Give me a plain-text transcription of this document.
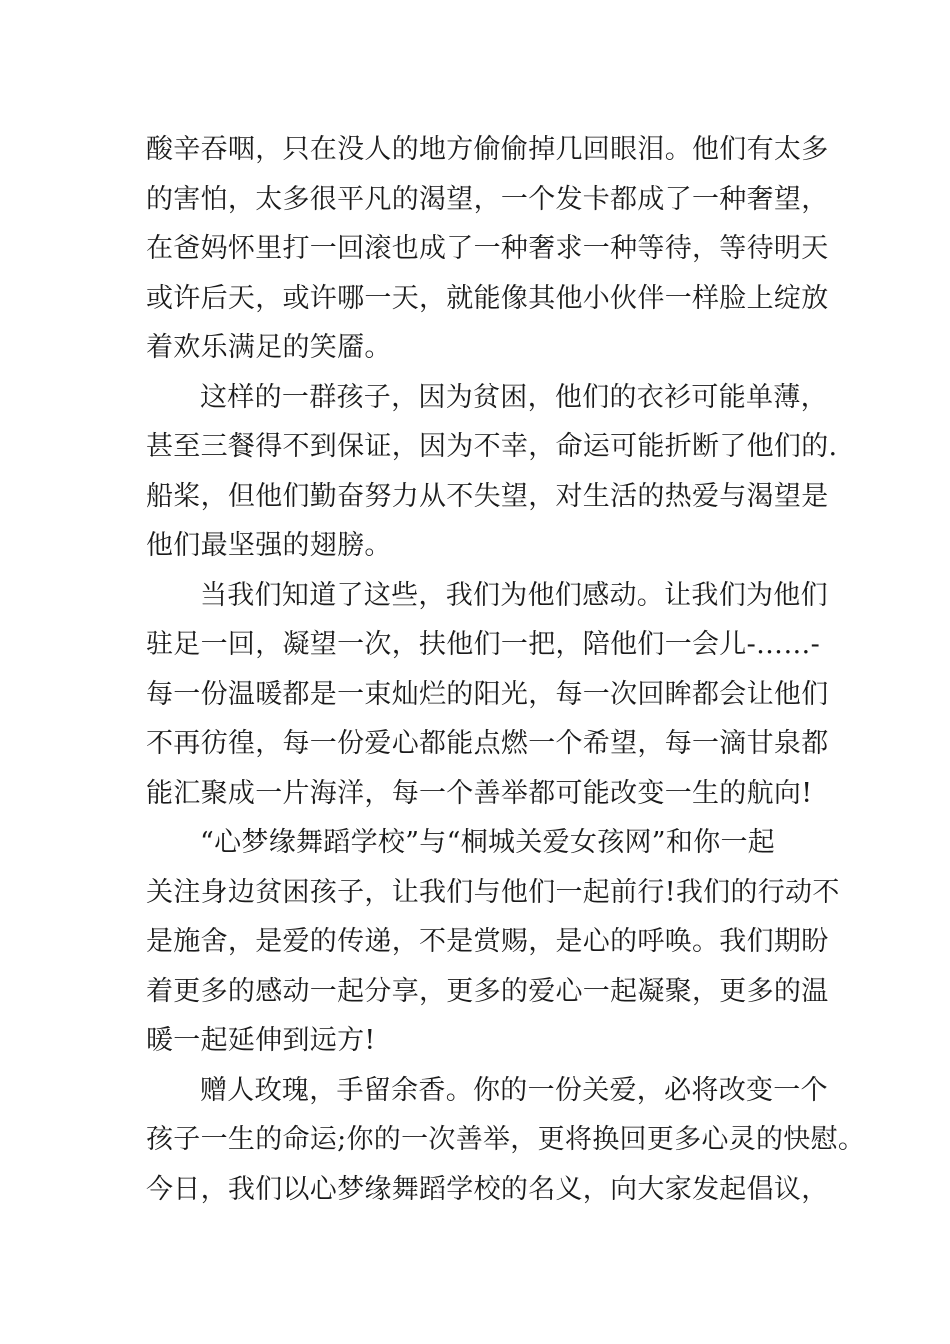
酸辛吞咽，只在没人的地方偷偷掉几回眼泪。他们有太多
的害怕，太多很平凡的渴望，一个发卡都成了一种奢望，
在爸妈怀里打一回滚也成了一种奢求一种等待，等待明天
或许后天，或许哪一天，就能像其他小伙伴一样脸上绽放
着欢乐满足的笑靥。
这样的一群孩子，因为贫困，他们的衣衫可能单薄，
甚至三餐得不到保证，因为不幸，命运可能折断了他们的.
船桨，但他们勤奋努力从不失望，对生活的热爱与渴望是
他们最坚强的翅膀。
当我们知道了这些，我们为他们感动。让我们为他们
驻足一回，凝望一次，扶他们一把，陪他们一会儿-……-
每一份温暖都是一束灿烂的阳光，每一次回眸都会让他们
不再彷徨，每一份爱心都能点燃一个希望，每一滴甘泉都
能汇聚成一片海洋，每一个善举都可能改变一生的航向!
“心梦缘舞蹈学校”与“桐城关爱女孩网”和你一起
关注身边贫困孩子，让我们与他们一起前行!我们的行动不
是施舍，是爱的传递，不是赏赐，是心的呼唤。我们期盼
着更多的感动一起分享，更多的爱心一起凝聚，更多的温
暖一起延伸到远方!
赠人玫瑰，手留余香。你的一份关爱，必将改变一个
孩子一生的命运;你的一次善举，更将换回更多心灵的快慰。
今日，我们以心梦缘舞蹈学校的名义，向大家发起倡议，
